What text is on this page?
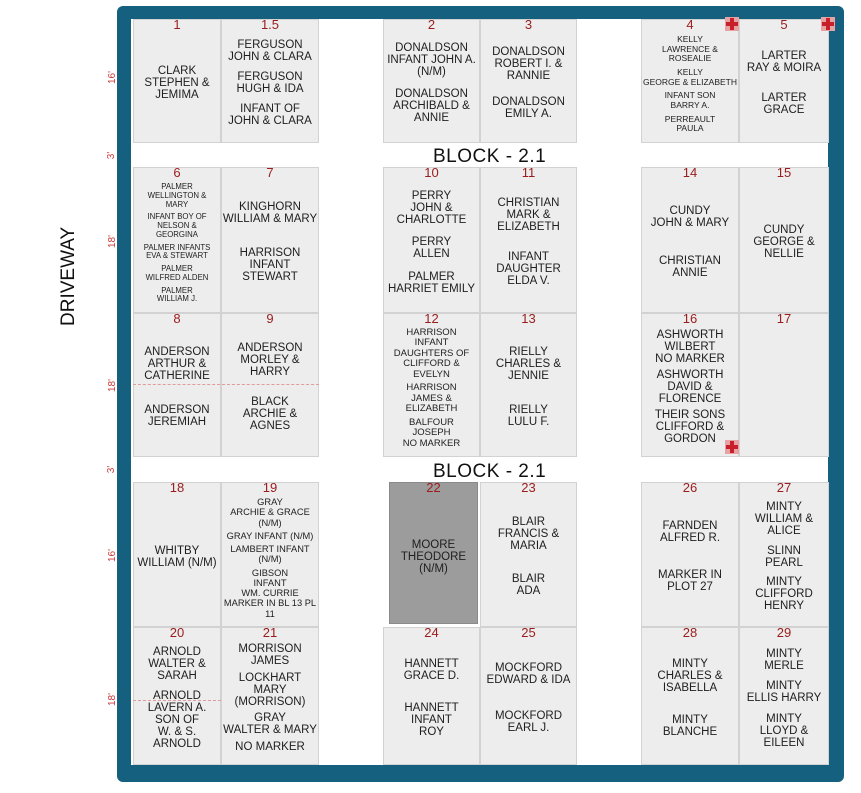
DRIVEWAY
1
CLARK
STEPHEN & JEMIMA
1.5
FERGUSON
JOHN & CLARA
FERGUSON
HUGH & IDA
INFANT OF
JOHN & CLARA
2
DONALDSON
INFANT JOHN A.
(N/M)
DONALDSON
ARCHIBALD & ANNIE
3
DONALDSON
ROBERT I. &
RANNIE
DONALDSON
EMILY A.
4
KELLY
LAWRENCE &
ROSEALIE
KELLY
GEORGE & ELIZABETH
INFANT SON
BARRY A.
PERREAULT
PAULA
5
LARTER
RAY & MOIRA
LARTER
GRACE
6
PALMER
WELLINGTON &
MARY
INFANT BOY OF
NELSON &
GEORGINA
PALMER INFANTS
EVA & STEWART
PALMER
WILFRED ALDEN
PALMER
WILLIAM J.
7
KINGHORN
WILLIAM & MARY
HARRISON
INFANT STEWART
10
PERRY
JOHN &
CHARLOTTE
PERRY
ALLEN
PALMER
HARRIET EMILY
11
CHRISTIAN
MARK & ELIZABETH
INFANT DAUGHTER
ELDA V.
14
CUNDY
JOHN & MARY
CHRISTIAN
ANNIE
15
CUNDY
GEORGE & NELLIE
8
ANDERSON
ARTHUR &
CATHERINE
ANDERSON
JEREMIAH
9
ANDERSON
MORLEY & HARRY
BLACK
ARCHIE & AGNES
12
HARRISON
INFANT
DAUGHTERS OF
CLIFFORD &
EVELYN
HARRISON
JAMES & ELIZABETH
BALFOUR
JOSEPH
NO MARKER
13
RIELLY
CHARLES & JENNIE
RIELLY
LULU F.
16
ASHWORTH
WILBERT
NO MARKER
ASHWORTH
DAVID & FLORENCE
THEIR SONS
CLIFFORD &
GORDON
17
18
WHITBY
WILLIAM (N/M)
19
GRAY
ARCHIE & GRACE (N/M)
GRAY INFANT (N/M)
LAMBERT INFANT (N/M)
GIBSON
INFANT
WM. CURRIE
MARKER IN BL 13 PL 11
22
MOORE
THEODORE (N/M)
23
BLAIR
FRANCIS & MARIA
BLAIR
ADA
26
FARNDEN
ALFRED R.
MARKER IN
PLOT 27
27
MINTY
WILLIAM & ALICE
SLINN
PEARL
MINTY
CLIFFORD HENRY
20
ARNOLD
WALTER & SARAH
ARNOLD
LAVERN A.
SON OF
W. & S. ARNOLD
21
MORRISON
JAMES
LOCKHART
MARY (MORRISON)
GRAY
WALTER & MARY
NO MARKER
24
HANNETT
GRACE D.
HANNETT
INFANT
ROY
25
MOCKFORD
EDWARD & IDA
MOCKFORD
EARL J.
28
MINTY
CHARLES &
ISABELLA
MINTY
BLANCHE
29
MINTY
MERLE
MINTY
ELLIS HARRY
MINTY
LLOYD & EILEEN
BLOCK - 2.1
BLOCK - 2.1
16'
3'
18'
18'
3'
16'
18'
